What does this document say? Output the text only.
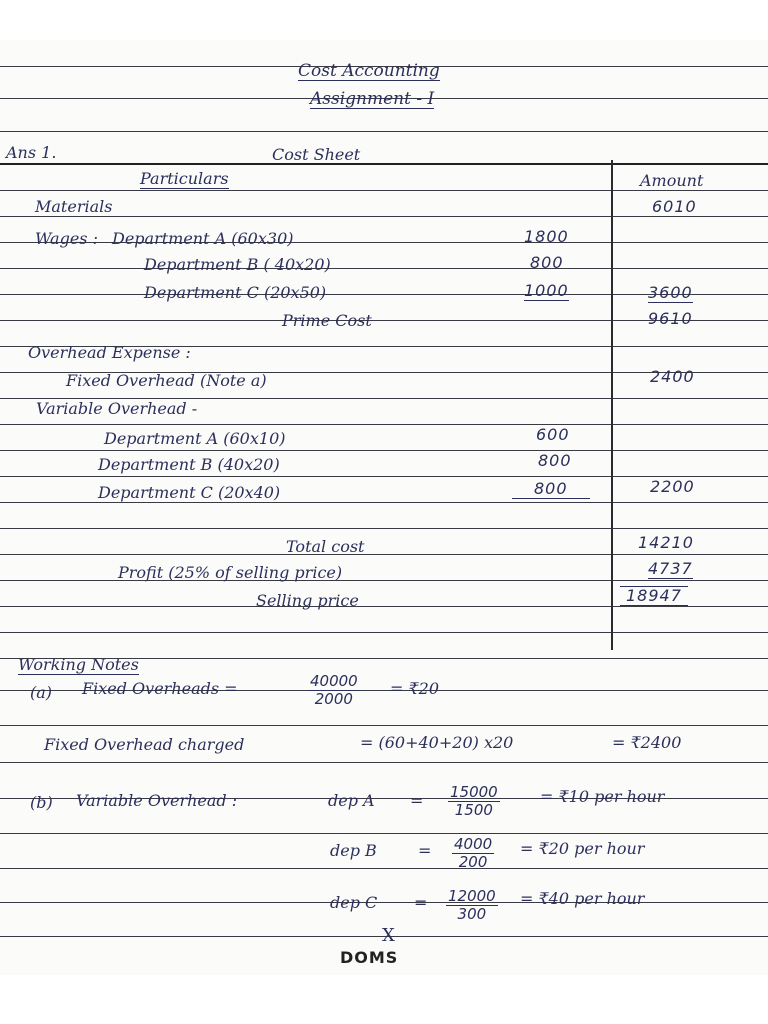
Cost Accounting
Assignment - I
Ans 1.	Cost Sheet
Particulars	Amount
Materials	6010
Wages : Department A (60x30)	1800
Department B ( 40x20)	800
Department C (20x50)	1000	3600
Prime Cost	9610
Overhead Expense :
Fixed Overhead (Note a)	2400
Variable Overhead -
Department A (60x10)	600
Department B (40x20)	800
Department C (20x40)	800	2200
Total cost	14210
Profit (25% of selling price)	4737
Selling price	18947
Working Notes
(a) Fixed Overheads =	$\frac{40000}{2000}$ = ₹20
Fixed Overhead charged	= (60+40+20) x20	= ₹2400
(b) Variable Overhead :	dep $A = \frac{15000}{1500}$	= ₹10 per hour
dep B	= $\frac{4000}{200}$ = ₹20 per hour
dep $C = \frac{12000}{300}$ = ₹40 per hour
X
DOMS
